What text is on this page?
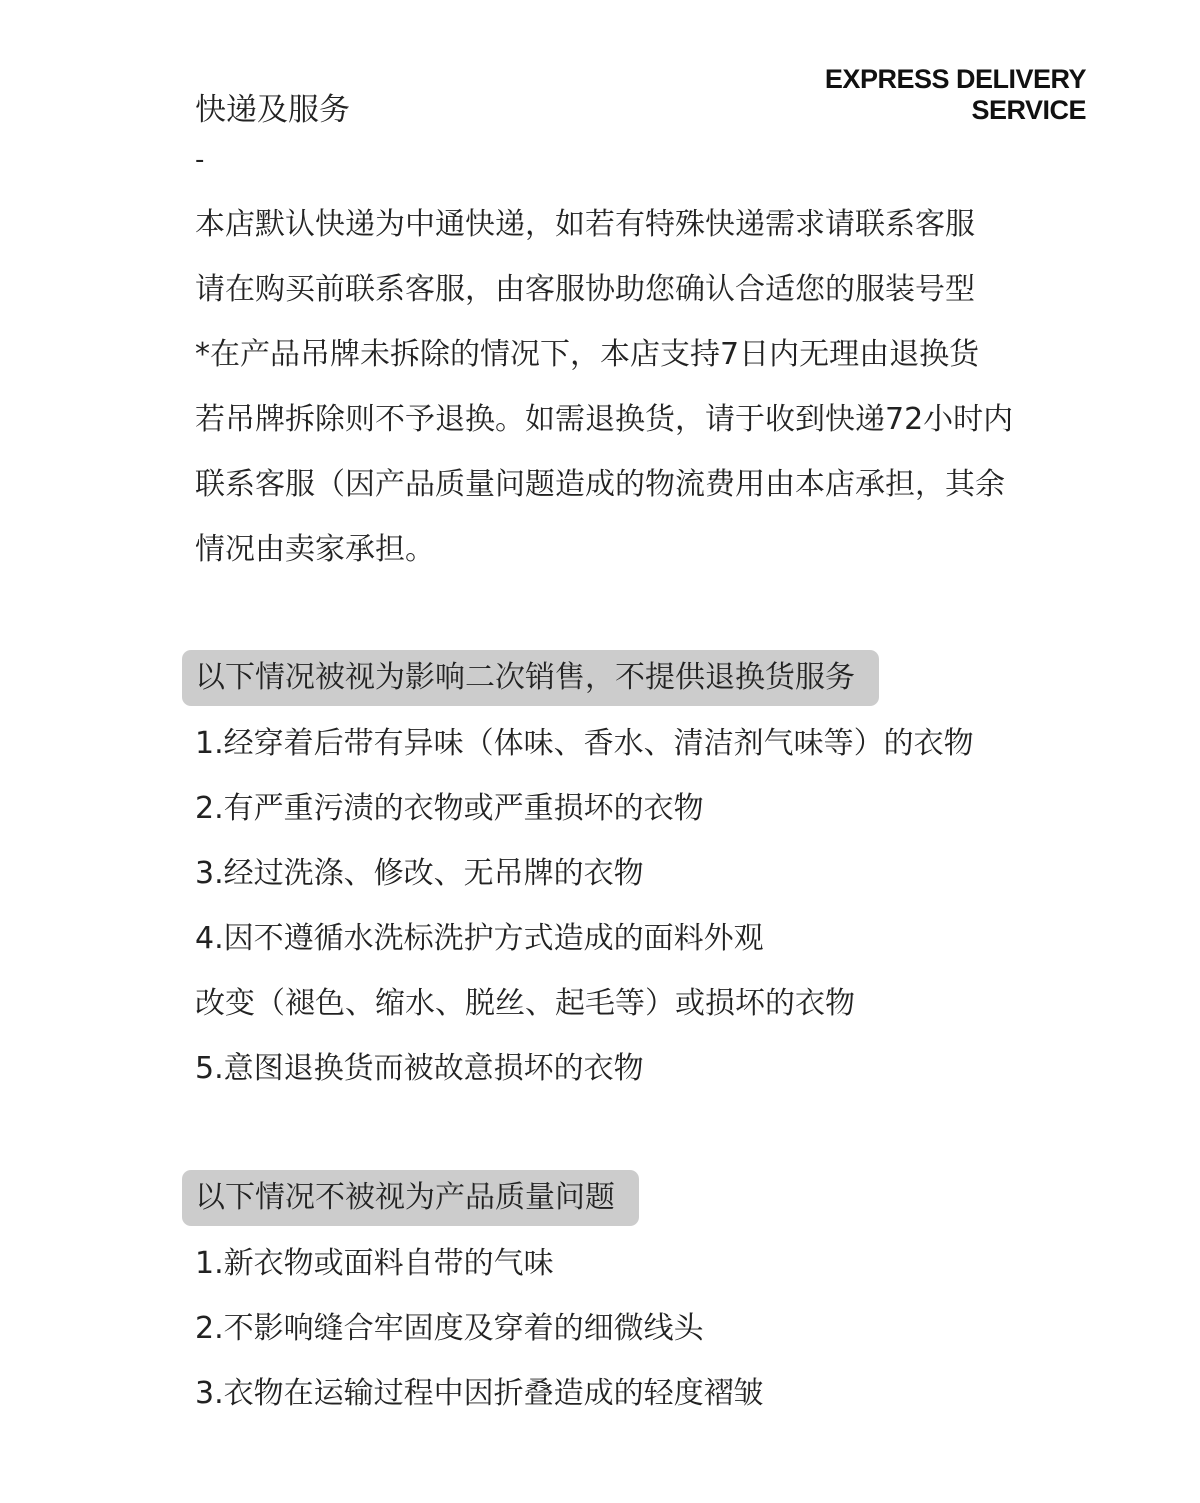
EXPRESS DELIVERY
SERVICE
快递及服务
-
本店默认快递为中通快递，如若有特殊快递需求请联系客服
请在购买前联系客服，由客服协助您确认合适您的服装号型
*在产品吊牌未拆除的情况下，本店支持7日内无理由退换货
若吊牌拆除则不予退换。如需退换货，请于收到快递72小时内
联系客服（因产品质量问题造成的物流费用由本店承担，其余
情况由卖家承担。
以下情况被视为影响二次销售，不提供退换货服务
1.经穿着后带有异味（体味、香水、清洁剂气味等）的衣物
2.有严重污渍的衣物或严重损坏的衣物
3.经过洗涤、修改、无吊牌的衣物
4.因不遵循水洗标洗护方式造成的面料外观
改变（褪色、缩水、脱丝、起毛等）或损坏的衣物
5.意图退换货而被故意损坏的衣物
以下情况不被视为产品质量问题
1.新衣物或面料自带的气味
2.不影响缝合牢固度及穿着的细微线头
3.衣物在运输过程中因折叠造成的轻度褶皱
